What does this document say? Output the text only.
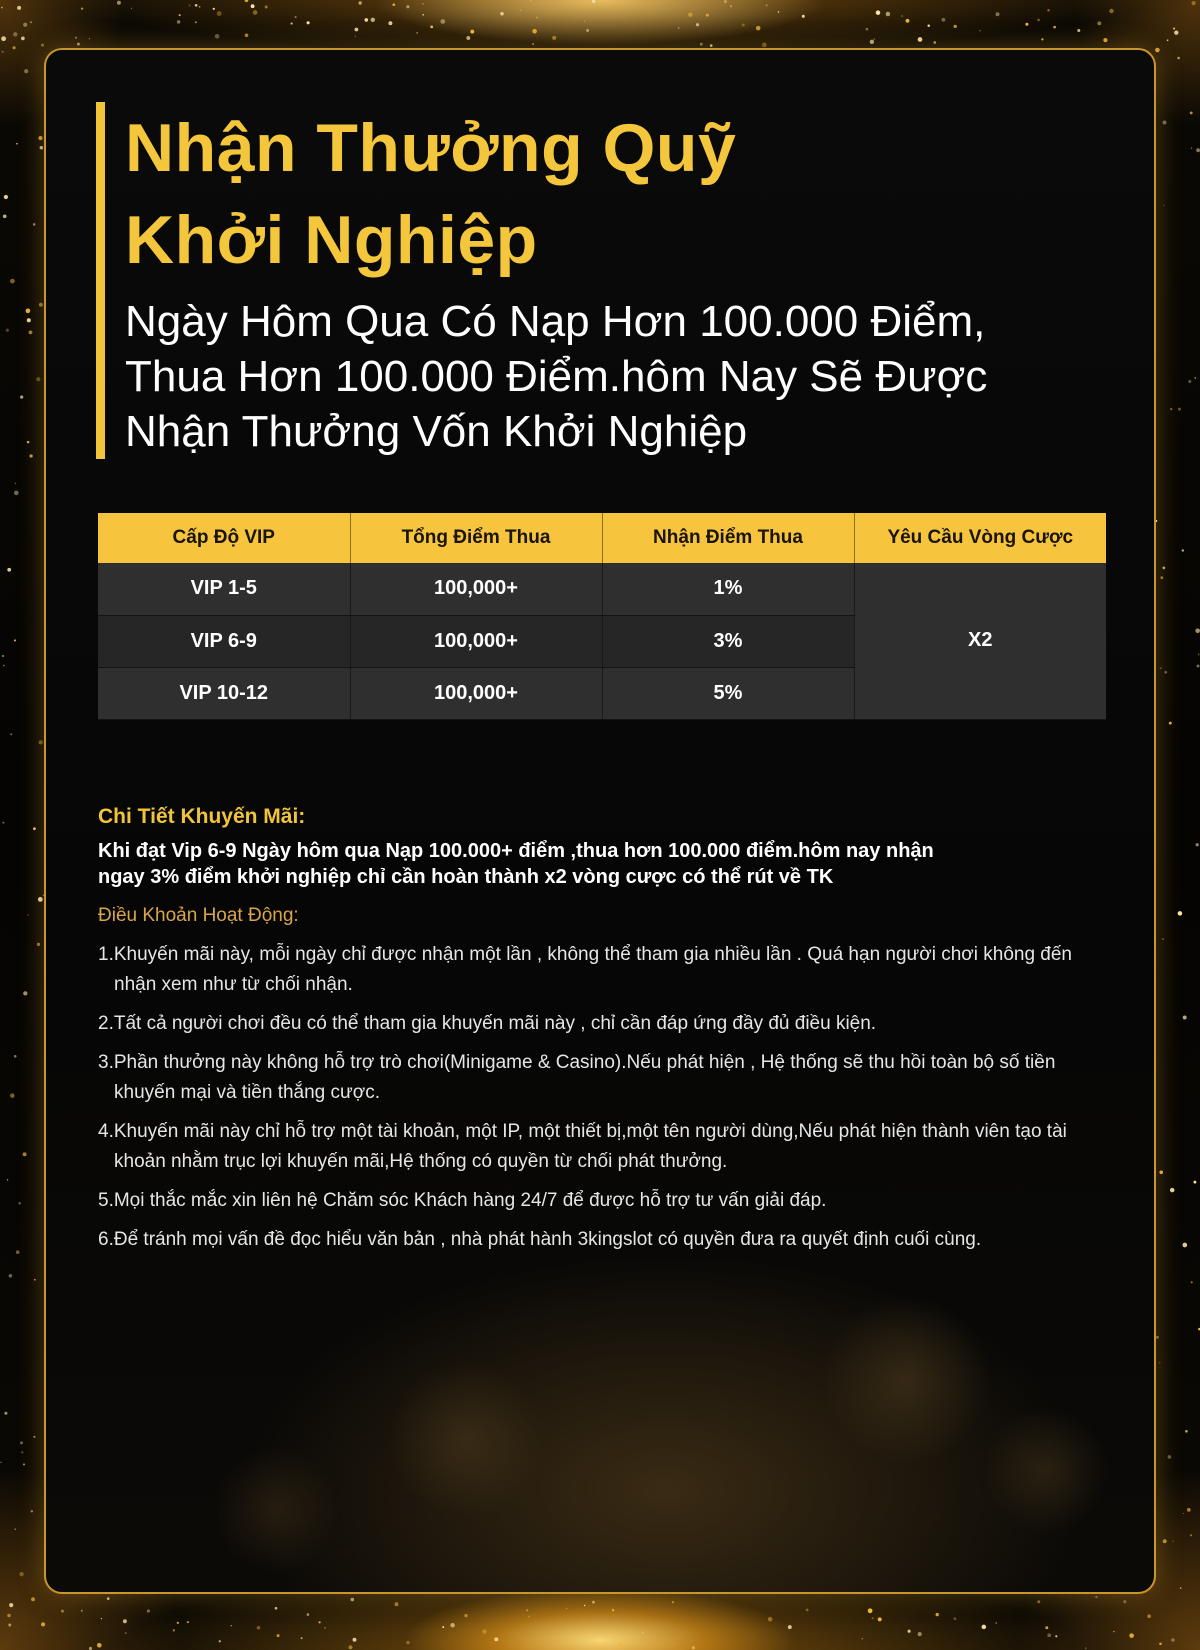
Nhận Thưởng Quỹ
Khởi Nghiệp
Ngày Hôm Qua Có Nạp Hơn 100.000 Điểm,
Thua Hơn 100.000 Điểm.hôm Nay Sẽ Được
Nhận Thưởng Vốn Khởi Nghiệp
Cấp Độ VIP	Tổng Điểm Thua	Nhận Điểm Thua	Yêu Cầu Vòng Cược
VIP 1-5	100,000+	1%	X2
VIP 6-9	100,000+	3%	
VIP 10-12	100,000+	5%	
Chi Tiết Khuyến Mãi:
Khi đạt Vip 6-9 Ngày hôm qua Nạp 100.000+ điểm ,thua hơn 100.000 điểm.hôm nay nhận
ngay 3% điểm khởi nghiệp chỉ cần hoàn thành x2 vòng cược có thể rút về TK
Điều Khoản Hoạt Động:
1.Khuyến mãi này, mỗi ngày chỉ được nhận một lần , không thể tham gia nhiều lần . Quá hạn người chơi không đến nhận xem như từ chối nhận.
2.Tất cả người chơi đều có thể tham gia khuyến mãi này , chỉ cần đáp ứng đầy đủ điều kiện.
3.Phần thưởng này không hỗ trợ trò chơi(Minigame & Casino).Nếu phát hiện , Hệ thống sẽ thu hồi toàn bộ số tiền khuyến mại và tiền thắng cược.
4.Khuyến mãi này chỉ hỗ trợ một tài khoản, một IP, một thiết bị,một tên người dùng,Nếu phát hiện thành viên tạo tài khoản nhằm trục lợi khuyến mãi,Hệ thống có quyền từ chối phát thưởng.
5.Mọi thắc mắc xin liên hệ Chăm sóc Khách hàng 24/7 để được hỗ trợ tư vấn giải đáp.
6.Để tránh mọi vấn đề đọc hiểu văn bản , nhà phát hành 3kingslot có quyền đưa ra quyết định cuối cùng.
